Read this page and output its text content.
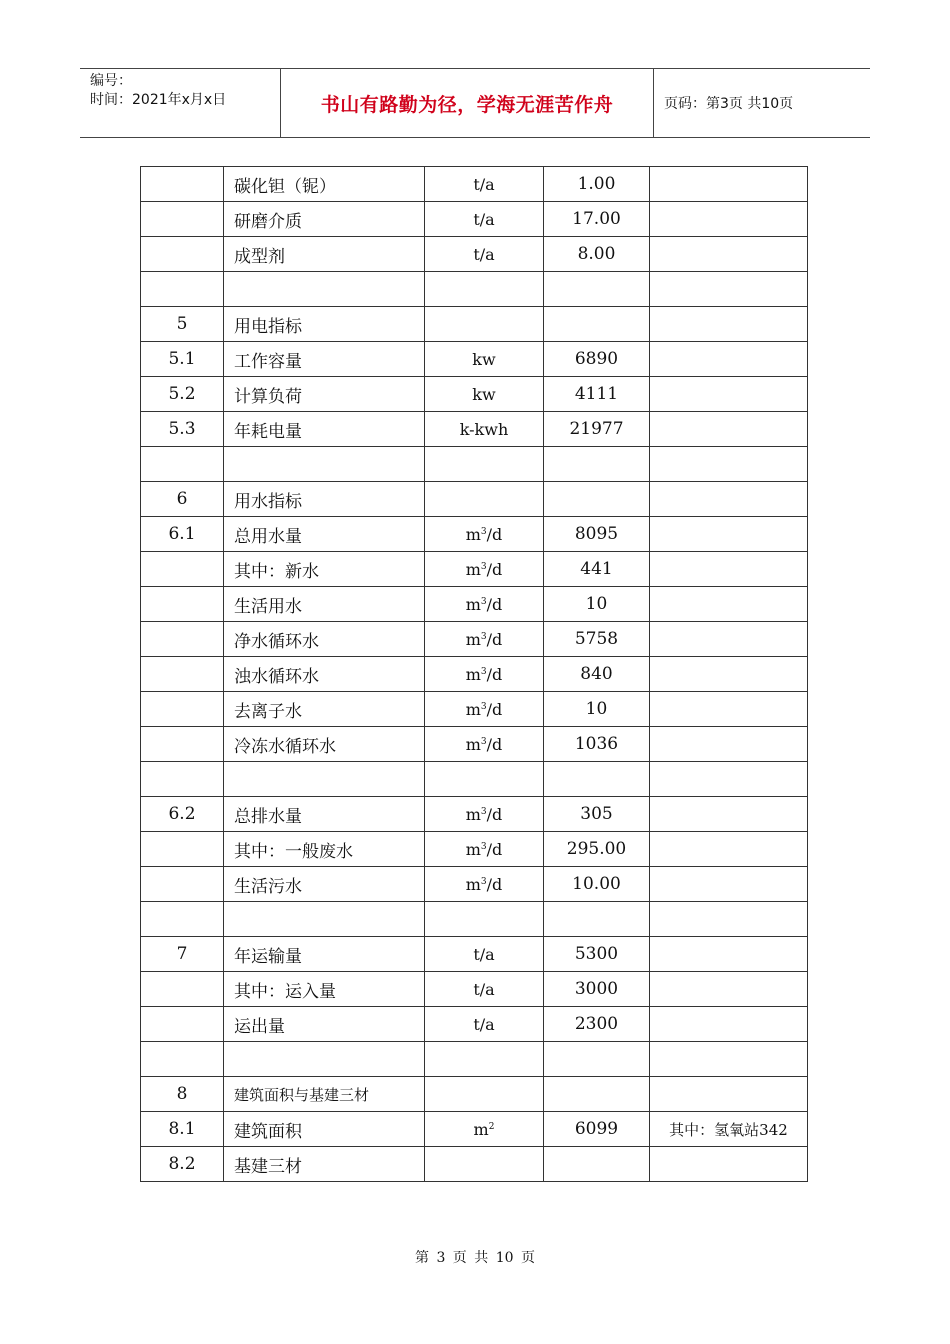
编号：
时间：2021年x月x日	书山有路勤为径，学海无涯苦作舟	页码：第3页 共10页
	碳化钽（铌）	t/a	1.00	
	研磨介质	t/a	17.00	
	成型剂	t/a	8.00	

5	用电指标			
5.1	工作容量	kw	6890	
5.2	计算负荷	kw	4111	
5.3	年耗电量	k-kwh	21977	

6	用水指标			
6.1	总用水量	$m^3/d$	8095	
	其中：新水	$m^3/d$	441	
	生活用水	$m^3/d$	10	
	净水循环水	$m^3/d$	5758	
	浊水循环水	$m^3/d$	840	
	去离子水	$m^3/d$	10	
	冷冻水循环水	$m^3/d$	1036	

6.2	总排水量	$m^3/d$	305	
	其中：一般废水	$m^3/d$	295.00	
	生活污水	$m^3/d$	10.00	

7	年运输量	t/a	5300	
	其中：运入量	t/a	3000	
	运出量	t/a	2300	

8	建筑面积与基建三材			
8.1	建筑面积	$m^2$	6099	其中：氢氧站342
8.2	基建三材			
第 3 页 共 10 页
